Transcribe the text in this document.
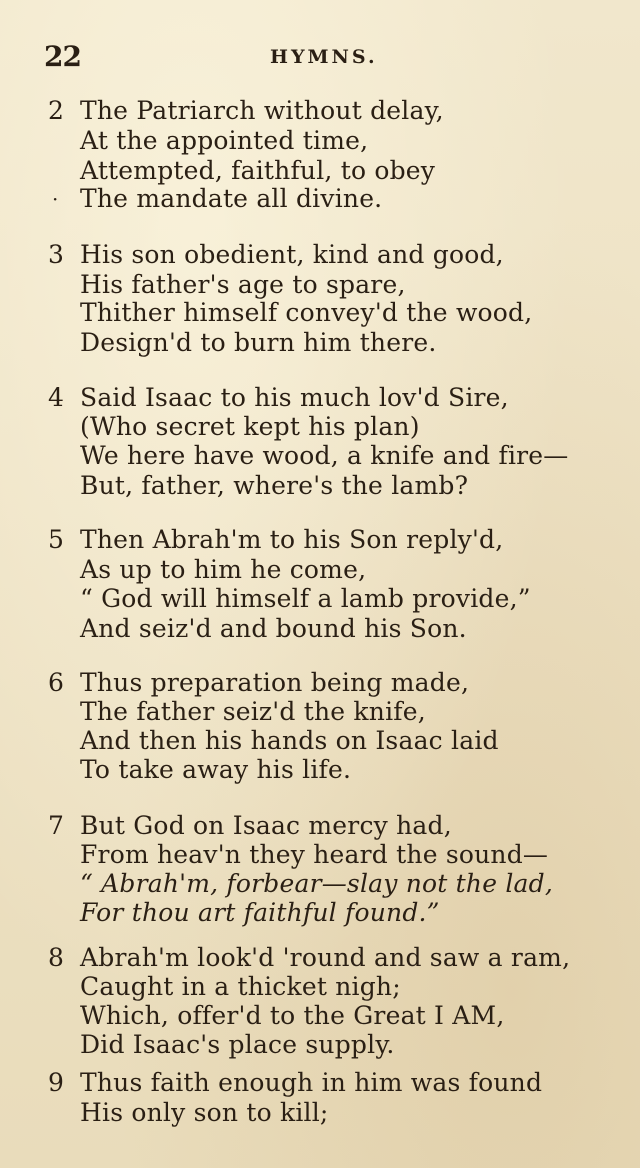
22	HYMNS.
2 The Patriarch without delay,
At the appointed time,
Attempted, faithful, to obey
· The mandate all divine.
3 His son obedient, kind and good,
His father's age to spare,
Thither himself convey'd the wood,
Design'd to burn him there.
4 Said Isaac to his much lov'd Sire,
(Who secret kept his plan)
We here have wood, a knife and fire—
But, father, where's the lamb?
5 Then Abrah'm to his Son reply'd,
As up to him he come,
“ God will himself a lamb provide,”
And seiz'd and bound his Son.
6 Thus preparation being made,
The father seiz'd the knife,
And then his hands on Isaac laid
To take away his life.
7 But God on Isaac mercy had,
From heav'n they heard the sound—
“ Abrah'm, forbear—slay not the lad,
For thou art faithful found.”
8 Abrah'm look'd 'round and saw a ram,
Caught in a thicket nigh;
Which, offer'd to the Great I AM,
Did Isaac's place supply.
9 Thus faith enough in him was found
His only son to kill;
